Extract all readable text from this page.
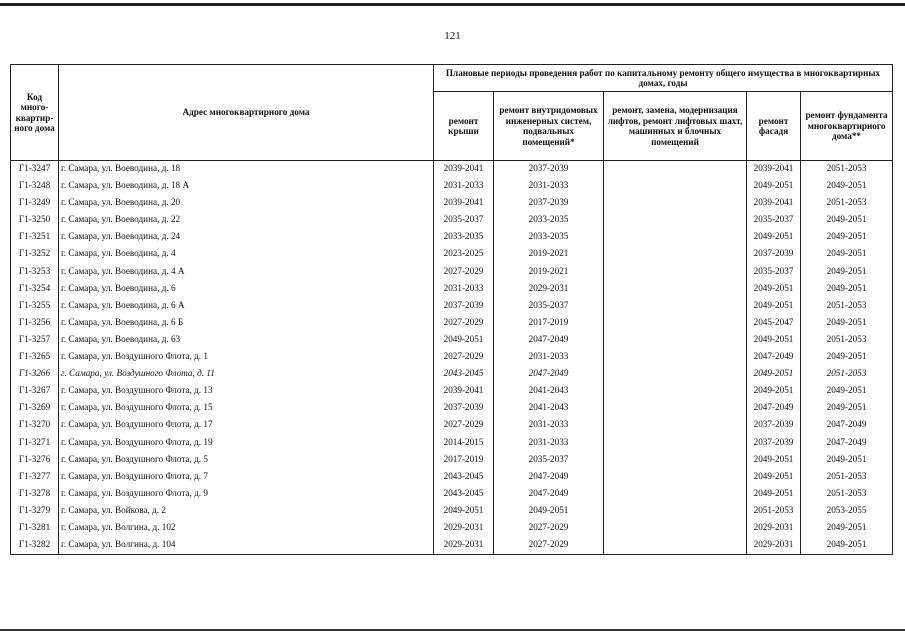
121
Код много-квартир-ного дома	Адрес многоквартирного дома	Плановые периоды проведения работ по капитальному ремонту общего имущества в многоквартирных домах, годы				
		ремонт крыши	ремонт внутридомовых инженерных систем, подвальных помещений*	ремонт, замена, модернизация лифтов, ремонт лифтовых шахт, машинных и блочных помещений	ремонт фасадя	ремонт фундамента многоквартирного дома**
Г1-3247	г. Самара, ул. Воеводина, д. 18	2039-2041	2037-2039		2039-2041	2051-2053
Г1-3248	г. Самара, ул. Воеводина, д. 18 А	2031-2033	2031-2033		2049-2051	2049-2051
Г1-3249	г. Самара, ул. Воеводина, д. 20	2039-2041	2037-2039		2039-2041	2051-2053
Г1-3250	г. Самара, ул. Воеводина, д. 22	2035-2037	2033-2035		2035-2037	2049-2051
Г1-3251	г. Самара, ул. Воеводина, д. 24	2033-2035	2033-2035		2049-2051	2049-2051
Г1-3252	г. Самара, ул. Воеводина, д. 4	2023-2025	2019-2021		2037-2039	2049-2051
Г1-3253	г. Самара, ул. Воеводина, д. 4 А	2027-2029	2019-2021		2035-2037	2049-2051
Г1-3254	г. Самара, ул. Воеводина, д. 6	2031-2033	2029-2031		2049-2051	2049-2051
Г1-3255	г. Самара, ул. Воеводина, д. 6 А	2037-2039	2035-2037		2049-2051	2051-2053
Г1-3256	г. Самара, ул. Воеводина, д. 6 Б	2027-2029	2017-2019		2045-2047	2049-2051
Г1-3257	г. Самара, ул. Воеводина, д. 63	2049-2051	2047-2049		2049-2051	2051-2053
Г1-3265	г. Самара, ул. Воздушного Флота, д. 1	2027-2029	2031-2033		2047-2049	2049-2051
Г1-3266	г. Самара, ул. Воздушного Флота, д. 11	2043-2045	2047-2049		2049-2051	2051-2053
Г1-3267	г. Самара, ул. Воздушного Флота, д. 13	2039-2041	2041-2043		2049-2051	2049-2051
Г1-3269	г. Самара, ул. Воздушного Флота, д. 15	2037-2039	2041-2043		2047-2049	2049-2051
Г1-3270	г. Самара, ул. Воздушного Флота, д. 17	2027-2029	2031-2033		2037-2039	2047-2049
Г1-3271	г. Самара, ул. Воздушного Флота, д. 19	2014-2015	2031-2033		2037-2039	2047-2049
Г1-3276	г. Самара, ул. Воздушного Флота, д. 5	2017-2019	2035-2037		2049-2051	2049-2051
Г1-3277	г. Самара, ул. Воздушного Флота, д. 7	2043-2045	2047-2049		2049-2051	2051-2053
Г1-3278	г. Самара, ул. Воздушного Флота, д. 9	2043-2045	2047-2049		2049-2051	2051-2053
Г1-3279	г. Самара, ул. Войкова, д. 2	2049-2051	2049-2051		2051-2053	2053-2055
Г1-3281	г. Самара, ул. Волгина, д. 102	2029-2031	2027-2029		2029-2031	2049-2051
Г1-3282	г. Самара, ул. Волгина, д. 104	2029-2031	2027-2029		2029-2031	2049-2051
